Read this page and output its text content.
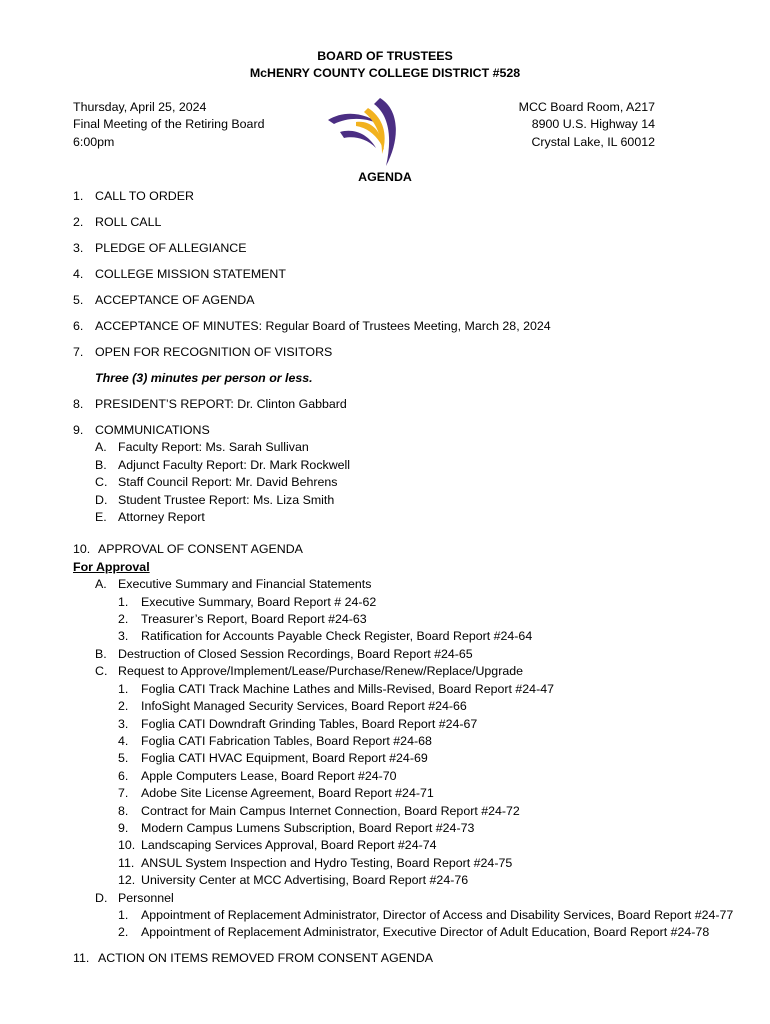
BOARD OF TRUSTEES
McHENRY COUNTY COLLEGE DISTRICT #528
Thursday, April 25, 2024
Final Meeting of the Retiring Board
6:00pm
MCC Board Room, A217
8900 U.S. Highway 14
Crystal Lake, IL 60012
AGENDA
1. CALL TO ORDER
2. ROLL CALL
3. PLEDGE OF ALLEGIANCE
4. COLLEGE MISSION STATEMENT
5. ACCEPTANCE OF AGENDA
6. ACCEPTANCE OF MINUTES: Regular Board of Trustees Meeting, March 28, 2024
7. OPEN FOR RECOGNITION OF VISITORS
Three (3) minutes per person or less.
8. PRESIDENT’S REPORT: Dr. Clinton Gabbard
9. COMMUNICATIONS
A. Faculty Report: Ms. Sarah Sullivan
B. Adjunct Faculty Report: Dr. Mark Rockwell
C. Staff Council Report: Mr. David Behrens
D. Student Trustee Report: Ms. Liza Smith
E. Attorney Report
10. APPROVAL OF CONSENT AGENDA
For Approval
A. Executive Summary and Financial Statements
1.	Executive Summary, Board Report # 24-62
2.	Treasurer’s Report, Board Report #24-63
3.	Ratification for Accounts Payable Check Register, Board Report #24-64
B. Destruction of Closed Session Recordings, Board Report #24-65
C. Request to Approve/Implement/Lease/Purchase/Renew/Replace/Upgrade
1.	Foglia CATI Track Machine Lathes and Mills-Revised, Board Report #24-47
2.	InfoSight Managed Security Services, Board Report #24-66
3.	Foglia CATI Downdraft Grinding Tables, Board Report #24-67
4.	Foglia CATI Fabrication Tables, Board Report #24-68
5.	Foglia CATI HVAC Equipment, Board Report #24-69
6.	Apple Computers Lease, Board Report #24-70
7.	Adobe Site License Agreement, Board Report #24-71
8.	Contract for Main Campus Internet Connection, Board Report #24-72
9.	Modern Campus Lumens Subscription, Board Report #24-73
10. Landscaping Services Approval, Board Report #24-74
11. ANSUL System Inspection and Hydro Testing, Board Report #24-75
12. University Center at MCC Advertising, Board Report #24-76
D. Personnel
1.	Appointment of Replacement Administrator, Director of Access and Disability Services, Board Report #24-77
2.	Appointment of Replacement Administrator, Executive Director of Adult Education, Board Report #24-78
11. ACTION ON ITEMS REMOVED FROM CONSENT AGENDA
